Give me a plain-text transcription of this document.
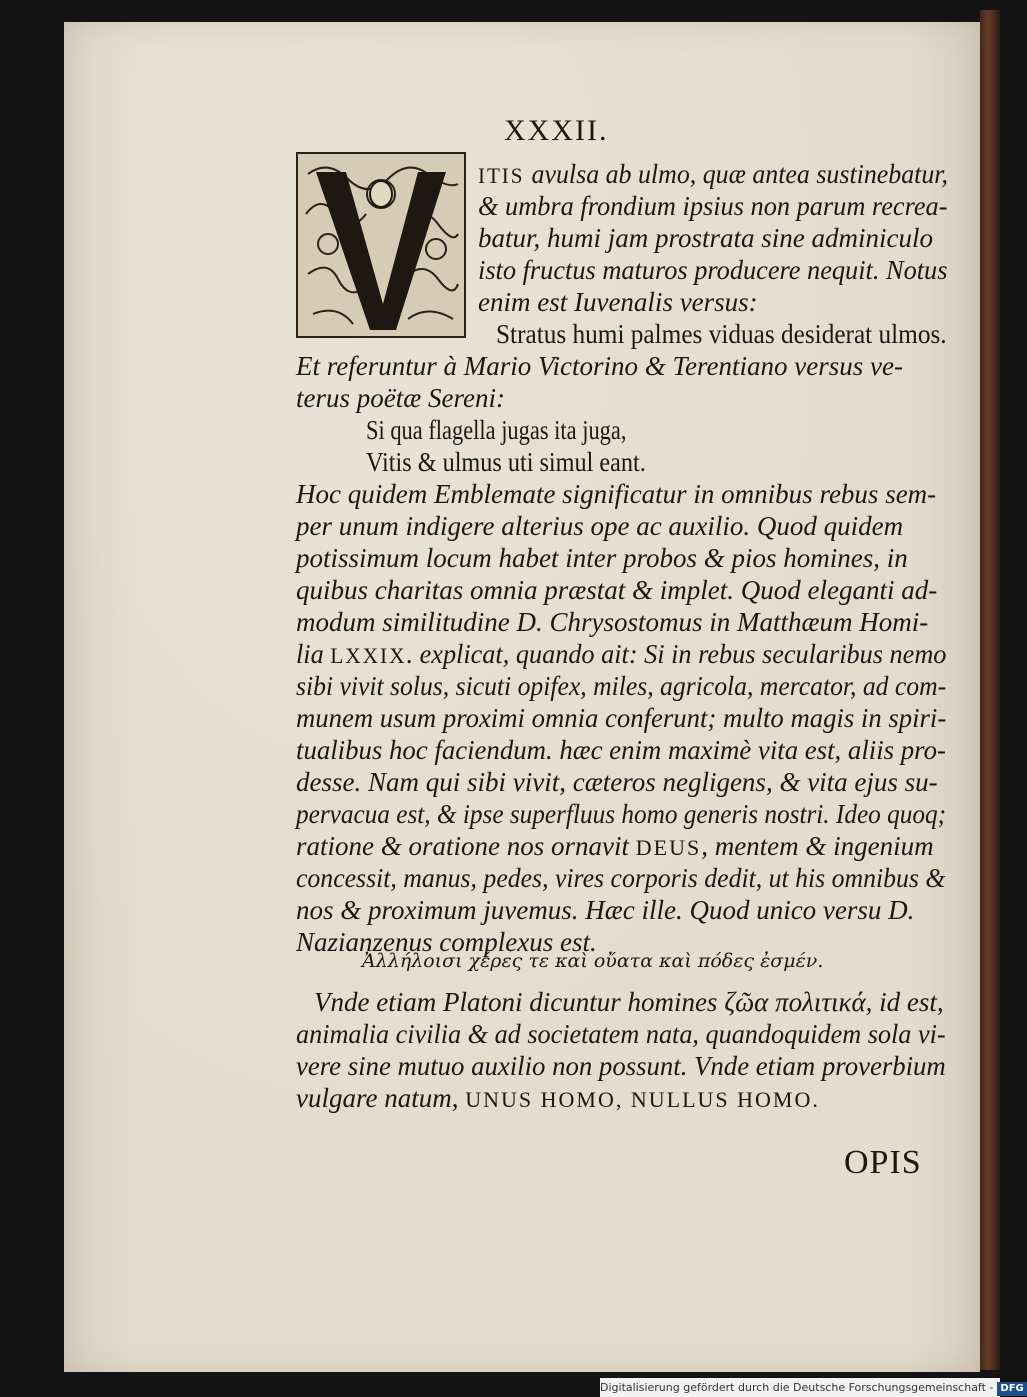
XXXII.
ITIS avulsa ab ulmo, quæ antea sustinebatur,
& umbra frondium ipsius non parum recrea-
batur, humi jam prostrata sine adminiculo
isto fructus maturos producere nequit. Notus
enim est Iuvenalis versus:
Stratus humi palmes viduas desiderat ulmos.
Et referuntur à Mario Victorino & Terentiano versus ve-
terus poëtæ Sereni:
Si qua flagella jugas ita juga,
Vitis & ulmus uti simul eant.
Hoc quidem Emblemate significatur in omnibus rebus sem-
per unum indigere alterius ope ac auxilio. Quod quidem
potissimum locum habet inter probos & pios homines, in
quibus charitas omnia præstat & implet. Quod eleganti ad-
modum similitudine D. Chrysostomus in Matthæum Homi-
lia LXXIX. explicat, quando ait: Si in rebus secularibus nemo
sibi vivit solus, sicuti opifex, miles, agricola, mercator, ad com-
munem usum proximi omnia conferunt; multo magis in spiri-
tualibus hoc faciendum. hæc enim maximè vita est, aliis pro-
desse. Nam qui sibi vivit, cæteros negligens, & vita ejus su-
pervacua est, & ipse superfluus homo generis nostri. Ideo quoq;
ratione & oratione nos ornavit DEUS, mentem & ingenium
concessit, manus, pedes, vires corporis dedit, ut his omnibus &
nos & proximum juvemus. Hæc ille. Quod unico versu D.
Nazianzenus complexus est.
Vnde etiam Platoni dicuntur homines ζῶα πολιτικά, id est,
animalia civilia & ad societatem nata, quandoquidem sola vi-
vere sine mutuo auxilio non possunt. Vnde etiam proverbium
vulgare natum, UNUS HOMO, NULLUS HOMO.
Ἀλλήλοισι χέρες τε καὶ οὔατα καὶ πόδες ἐσμέν.
OPIS
Digitalisierung gefördert durch die Deutsche Forschungsgemeinschaft - DFG
